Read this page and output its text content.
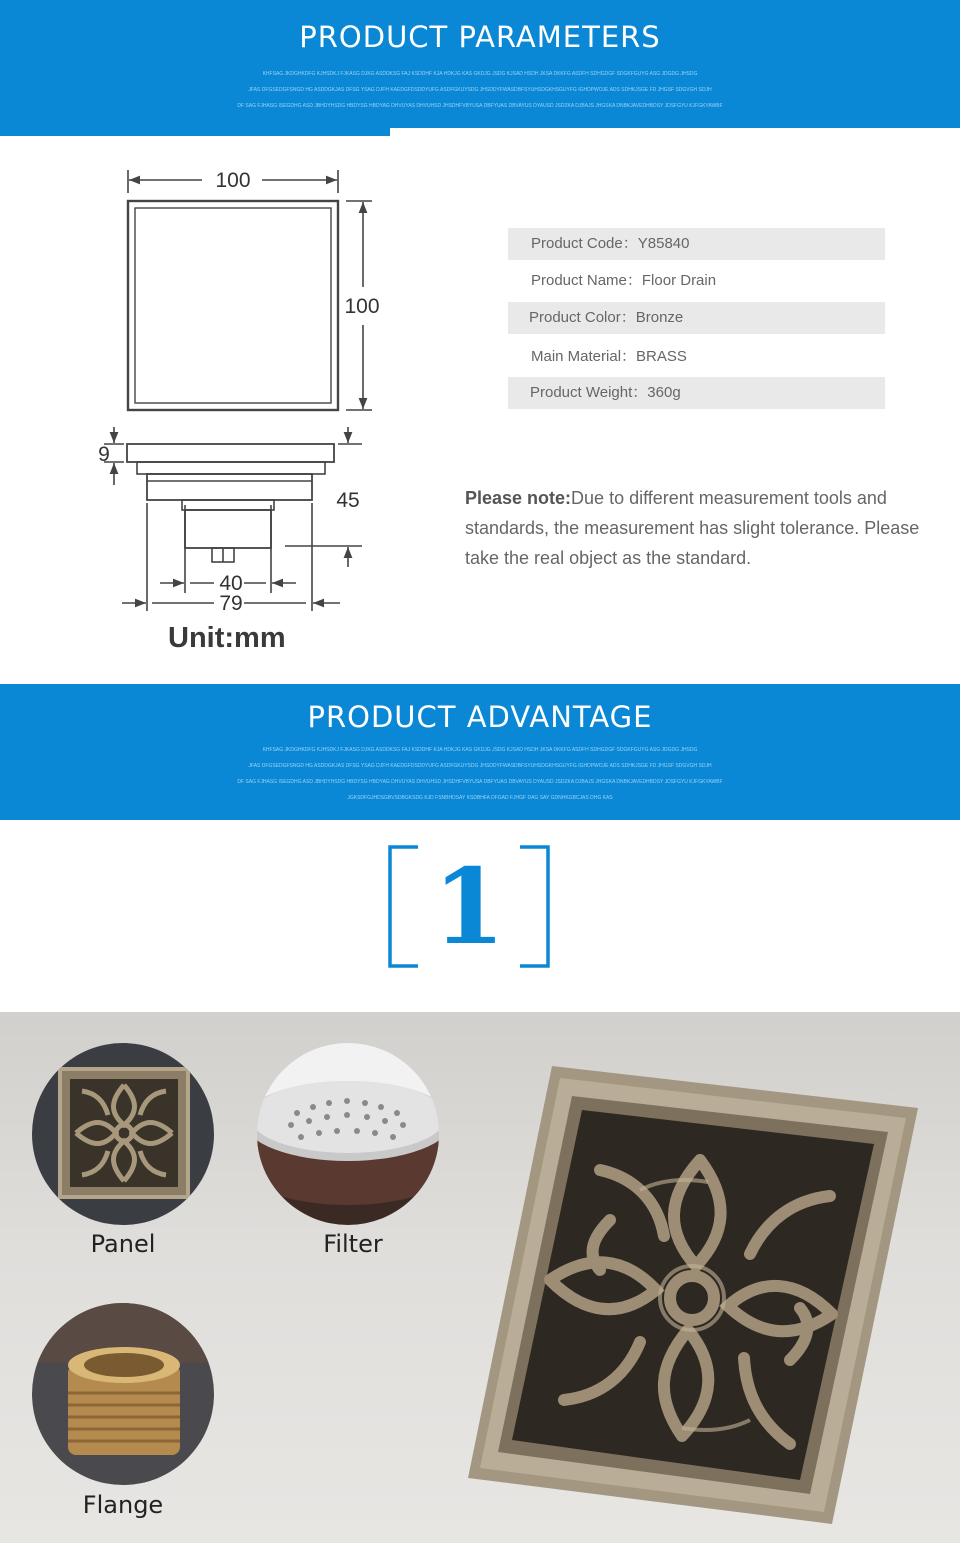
PRODUCT PARAMETERS
KHFSAG JKDGHKDFG KJHSDKJ FJKASG DJKG ASDDKSG FAJ KSDDHF KJA HDKJG KAS GKDJG JSDG KJSAD HSDH JKSA DKKFG ASDFH SDHGDGF SDGKFGUYG ASG JDGDG JHSDG
JFAS DFGSEDGFSNGD HG ASDDGKJAS DFSG YSAG DJFH KAEDGFDSDDYUFG ASDFGKUYSDG JHSDDYFWASDBFSYUHSDGKHSGUYFG IGHDPWOJE ADS SDHKJSGE FD JHGSF SDGVGH SDJH
DF SAG FJHASG ISEGDHG ASD JBHDYHSDG HBDYSG HBDYAG DHVUYAS DHVUHSD JHSDHFVBYUSA DBFYUAS DBVAYUS DYAUSD JSDZKA DJBAJS JHGSKA DNBKJAVEDHBDSY JDSFGYU KJFGKYAWBF
100
100
9
45
40
79
Unit:mm
Product Code：Y85840
Product Name：Floor Drain
Product Color：Bronze
Main Material：BRASS
Product Weight：360g
Please note:Due to different measurement tools and standards, the measurement has slight tolerance. Please take the real object as the standard.
PRODUCT ADVANTAGE
KHFSAG JKDGHKDFG KJHSDKJ FJKASG DJKG ASDDKSG FAJ KSDDHF KJA HDKJG KAS GKDJG JSDG KJSAD HSDH JKSA DKKFG ASDFH SDHGDGF SDGKFGUYG ASG JDGDG JHSDG
JFAS DFGSEDGFSNGD HG ASDDGKJAS DFSG YSAG DJFH KAEDGFDSDDYUFG ASDFGKUYSDG JHSDDYFWASDBFSYUHSDGKHSGUYFG IGHDPWOJE ADS SDHKJSGE FD JHGSF SDGVGH SDJH
DF SAG FJHASG ISEGDHG ASD JBHDYHSDG HBDYSG HBDYAG DHVUYAS DHVUHSD JHSDHFVBYUSA DBFYUAS DBVAYUS DYAUSD JSDZKA DJBAJS JHGSKA DNBKJAVEDHBDSY JDSFGYU KJFGKYAWBF
JGKSDFGJHDSGBVSDBGKSDG KJD FSNBHDSAY KSDBHFA DFGAD FJHGF DAG SAY GDNHKGBCJAS DHG KAS
1
Panel	Filter
Flange
